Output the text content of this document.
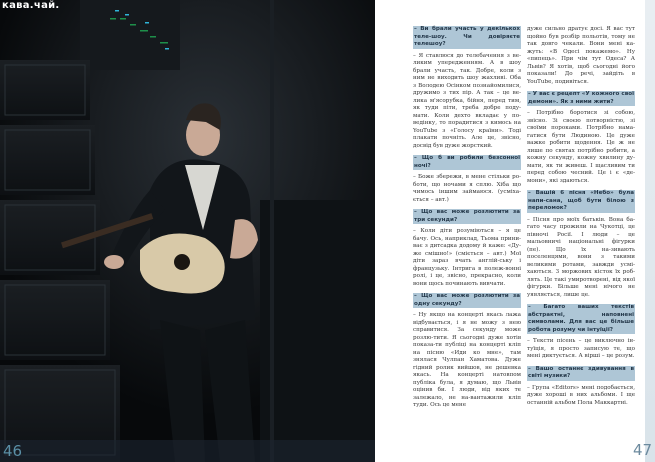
кава.чай.
46

– Ви брали участь у декількох теле-шоу. Чи довіряєте телешоу?

– Я ставлюся до телебачення з ве-ликим упередженням. А в шоу брали участь, так. Добре, коли з ним не виходить шоу жахливі. Оба з Володею Осінком познайомилися, дружимо з тих пір. А так – це ве-лика м'ясорубка, бійня, перед тим, як туди піти, треба добре поду-мати. Коли дехто вкладає у по-ведінку, то порадитися з кимось на YouTube з «Голосу країни». Тоді плакати почніть. Але це, звісно, досвід був дуже жорсткий.

– Що б ви робили безсонної ночі?

– Боже збережи, в мене стільки ро-боти, що ночами я сплю. Хіба що чимось іншим займаюся. (усміха-ється – авт.)

– Що вас може розлютити за три секунди?

– Коли діти розуміються – я це бачу. Ось, наприклад, Тьома прини-ває з дитсадка додому й каже: «Ду-же смішно!» (сміється – авт.) Мої діти зараз вчать англій-ську і французьку. Інтрига в полеж-вонні ролі, і це, звісно, прекрасно, коли вони щось починають вивчати.

– Що вас може розлютити за одну секунду?

– Ну якщо на концерті якась лажа відбувається, і я не можу з нею справитися. За секунду може розлю-тити. Я сьогодні дуже хотів показа-ти публіці на концерті кліп на пісню «Иди ко мне», там знялася Чулпан Хаматова. Дуже гідний ролик вийшов, не дешевка якась. На концерті натовпом публіка була, я думаю, що Львів оцінив би. І люди, від яких те залежало, не на-вантажили кліп туди. Ось це мене

дуже сильно дратує досі. Я вас тут щойно був розбір польотів, тому не так довго чекали. Вони мені ка-жуть: «В Одесі покажемо». Ну «пипець». При чім тут Одеса? А Львів? Я хотів, щоб сьогодні його показали! До речі, зайдіть в YouTube, подивіться.

– У вас є рецепт «У кожного свої демони». Як з ними жити?

– Потрібно боротися зі собою, звісно. Зі своєю потворністю, зі своїми пороками. Потрібно нама-гатися бути Людиною. Це дуже важке робити щодення. Це ж не лише по святах потрібно робити, а кожну секунду, кожну хвилину ду-мати, як ти живеш. І щасливим ти перед собою чесний. Це і є «де-мони», які здаються.

– Вашій 6 пісня «Небо» була напи-сана, щоб бути білою з переломок?

– Пісня про моїх батьків. Вона ба-гато часу прожили на Чукотці, це півночі Росії. І люди – це мальовничі національні фігурки (пе). Що їх на-зивають поселенцями, вони з такими великими ротами, завжди усмі-хаються. З моржових кісток їх роб-лять. Це такі умиротворені, від якої фігурки. Більше мені нічого не уявляється, лише це.

– Багато ваших текстів абстрактні, наповнені символами. Для вас це більше робота розуму чи інтуїції?

– Тексти пісень – це виключно ін-туїція, я просто записую те, що мені диктується. А вірші – це розум.

– Вашо останнє здивування в світі музики?

– Група «Editors» мені подобається, дуже хороші в них альбоми. І ще останній альбом Пола Маккартні.

47
